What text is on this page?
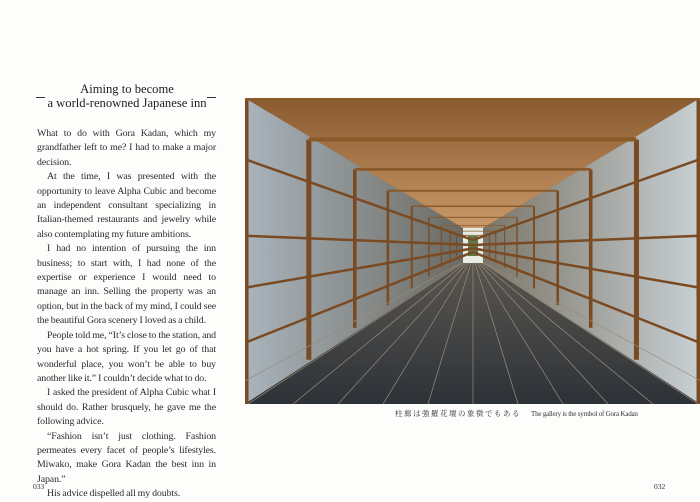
Aiming to become
a world-renowned Japanese inn

What to do with Gora Kadan, which my grandfather left to me? I had to make a major decision.

At the time, I was presented with the opportunity to leave Alpha Cubic and become an independent consultant specializing in Italian-themed restaurants and jewelry while also contemplating my future ambitions.

I had no intention of pursuing the inn business; to start with, I had none of the expertise or experience I would need to manage an inn. Selling the property was an option, but in the back of my mind, I could see the beautiful Gora scenery I loved as a child.

People told me, “It’s close to the station, and you have a hot spring. If you let go of that wonderful place, you won’t be able to buy another like it.” I couldn’t decide what to do.

I asked the president of Alpha Cubic what I should do. Rather brusquely, he gave me the following advice.

“Fashion isn’t just clothing. Fashion permeates every facet of people’s lifestyles. Miwako, make Gora Kadan the best inn in Japan.”

His advice dispelled all my doubts.

柱廊は強羅花壇の象徴でもある The gallery is the symbol of Gora Kadan
033	032
